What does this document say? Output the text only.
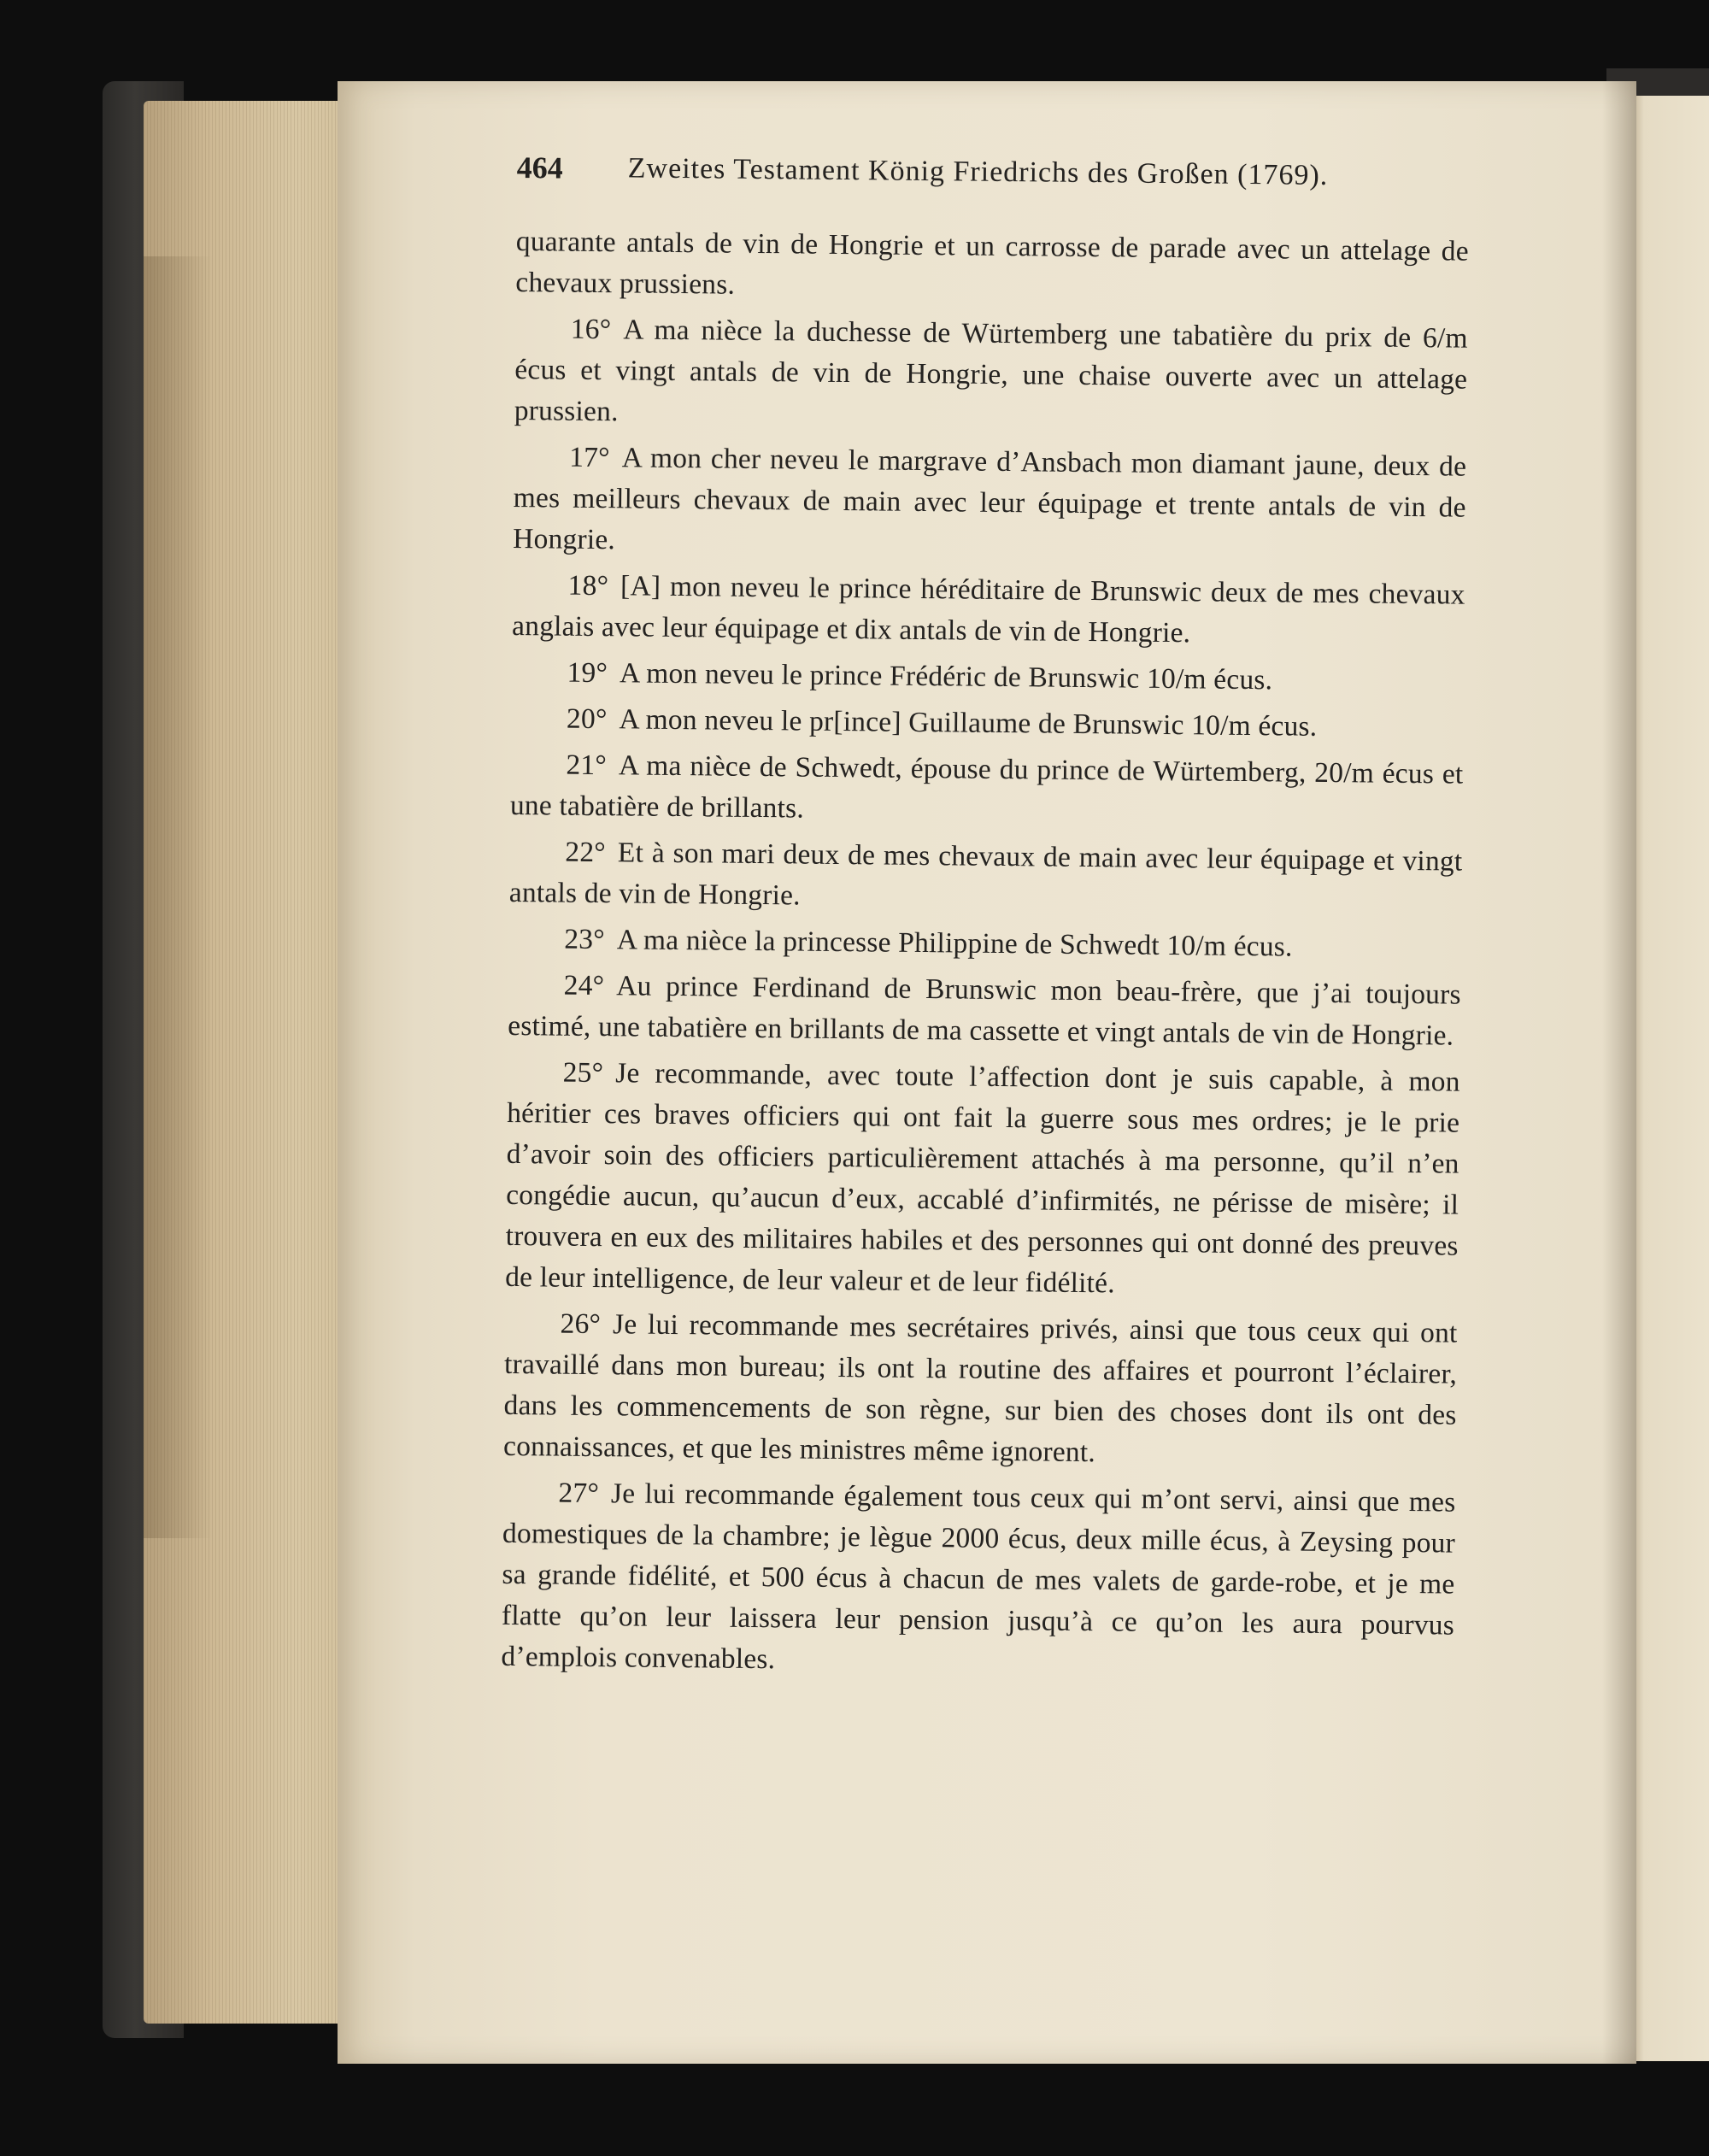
464 Zweites Testament König Friedrichs des Großen (1769).

quarante antals de vin de Hongrie et un carrosse de parade avec un attelage de chevaux prussiens.

16° A ma nièce la duchesse de Würtemberg une tabatière du prix de 6/m écus et vingt antals de vin de Hongrie, une chaise ouverte avec un attelage prussien.

17° A mon cher neveu le margrave d’Ansbach mon diamant jaune, deux de mes meilleurs chevaux de main avec leur équipage et trente antals de vin de Hongrie.

18° [A] mon neveu le prince héréditaire de Brunswic deux de mes chevaux anglais avec leur équipage et dix antals de vin de Hongrie.

19° A mon neveu le prince Frédéric de Brunswic 10/m écus.

20° A mon neveu le pr[ince] Guillaume de Brunswic 10/m écus.

21° A ma nièce de Schwedt, épouse du prince de Würtemberg, 20/m écus et une tabatière de brillants.

22° Et à son mari deux de mes chevaux de main avec leur équipage et vingt antals de vin de Hongrie.

23° A ma nièce la princesse Philippine de Schwedt 10/m écus.

24° Au prince Ferdinand de Brunswic mon beau-frère, que j’ai toujours estimé, une tabatière en brillants de ma cassette et vingt antals de vin de Hongrie.

25° Je recommande, avec toute l’affection dont je suis capable, à mon héritier ces braves officiers qui ont fait la guerre sous mes ordres; je le prie d’avoir soin des officiers particulièrement attachés à ma personne, qu’il n’en congédie aucun, qu’aucun d’eux, accablé d’infirmités, ne périsse de misère; il trouvera en eux des militaires habiles et des personnes qui ont donné des preuves de leur intelligence, de leur valeur et de leur fidélité.

26° Je lui recommande mes secrétaires privés, ainsi que tous ceux qui ont travaillé dans mon bureau; ils ont la routine des affaires et pourront l’éclairer, dans les commencements de son règne, sur bien des choses dont ils ont des connaissances, et que les ministres même ignorent.

27° Je lui recommande également tous ceux qui m’ont servi, ainsi que mes domestiques de la chambre; je lègue 2000 écus, deux mille écus, à Zeysing pour sa grande fidélité, et 500 écus à chacun de mes valets de garde-robe, et je me flatte qu’on leur laissera leur pension jusqu’à ce qu’on les aura pourvus d’emplois convenables.
